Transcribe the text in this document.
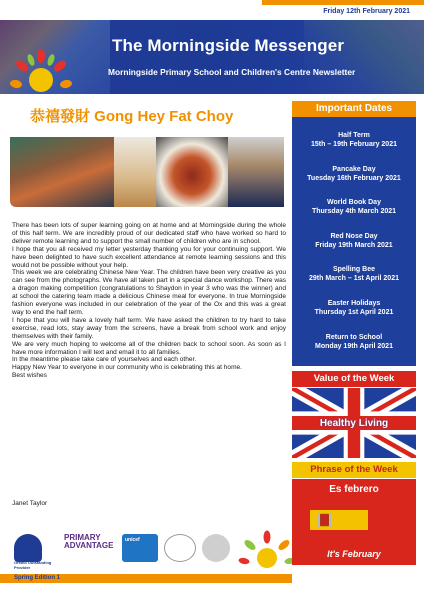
Friday 12th February 2021
The Morningside Messenger
Morningside Primary School and Children's Centre Newsletter
恭禧發財 Gong Hey Fat Choy

There has been lots of super learning going on at home and at Morningside during the whole of this half term. We are incredibly proud of our dedicated staff who have worked so hard to deliver remote learning and to support the small number of children who are in school.

I hope that you all received my letter yesterday thanking you for your continuing support. We have been delighted to have such excellent attendance at remote learning sessions and this would not be possible without your help.

This week we are celebrating Chinese New Year. The children have been very creative as you can see from the photographs. We have all taken part in a special dance workshop. There was a dragon making competition (congratulations to Shaydon in year 3 who was the winner) and at school the catering team made a delicious Chinese meal for everyone. In true Morningside fashion everyone was included in our celebration of the year of the Ox and this was a great way to end the half term.

I hope that you will have a lovely half term. We have asked the children to try hard to take exercise, read lots, stay away from the screens, have a break from school work and enjoy themselves with their family.

We are very much hoping to welcome all of the children back to school soon. As soon as I have more information I will text and email it to all families.

In the meantime please take care of yourselves and each other.

Happy New Year to everyone in our community who is celebrating this at home.

Best wishes

Janet Taylor
Ofsted Outstanding Provider
PRIMARY ADVANTAGE
unicef
Spring Edition 1
Important Dates
Half Term
15th – 19th February 2021
Pancake Day
Tuesday 16th February 2021
World Book Day
Thursday 4th March 2021
Red Nose Day
Friday 19th March 2021
Spelling Bee
29th March – 1st April 2021
Easter Holidays
Thursday 1st April 2021
Return to School
Monday 19th April 2021
Value of the Week
Healthy Living
Phrase of the Week
Es febrero
It's February
